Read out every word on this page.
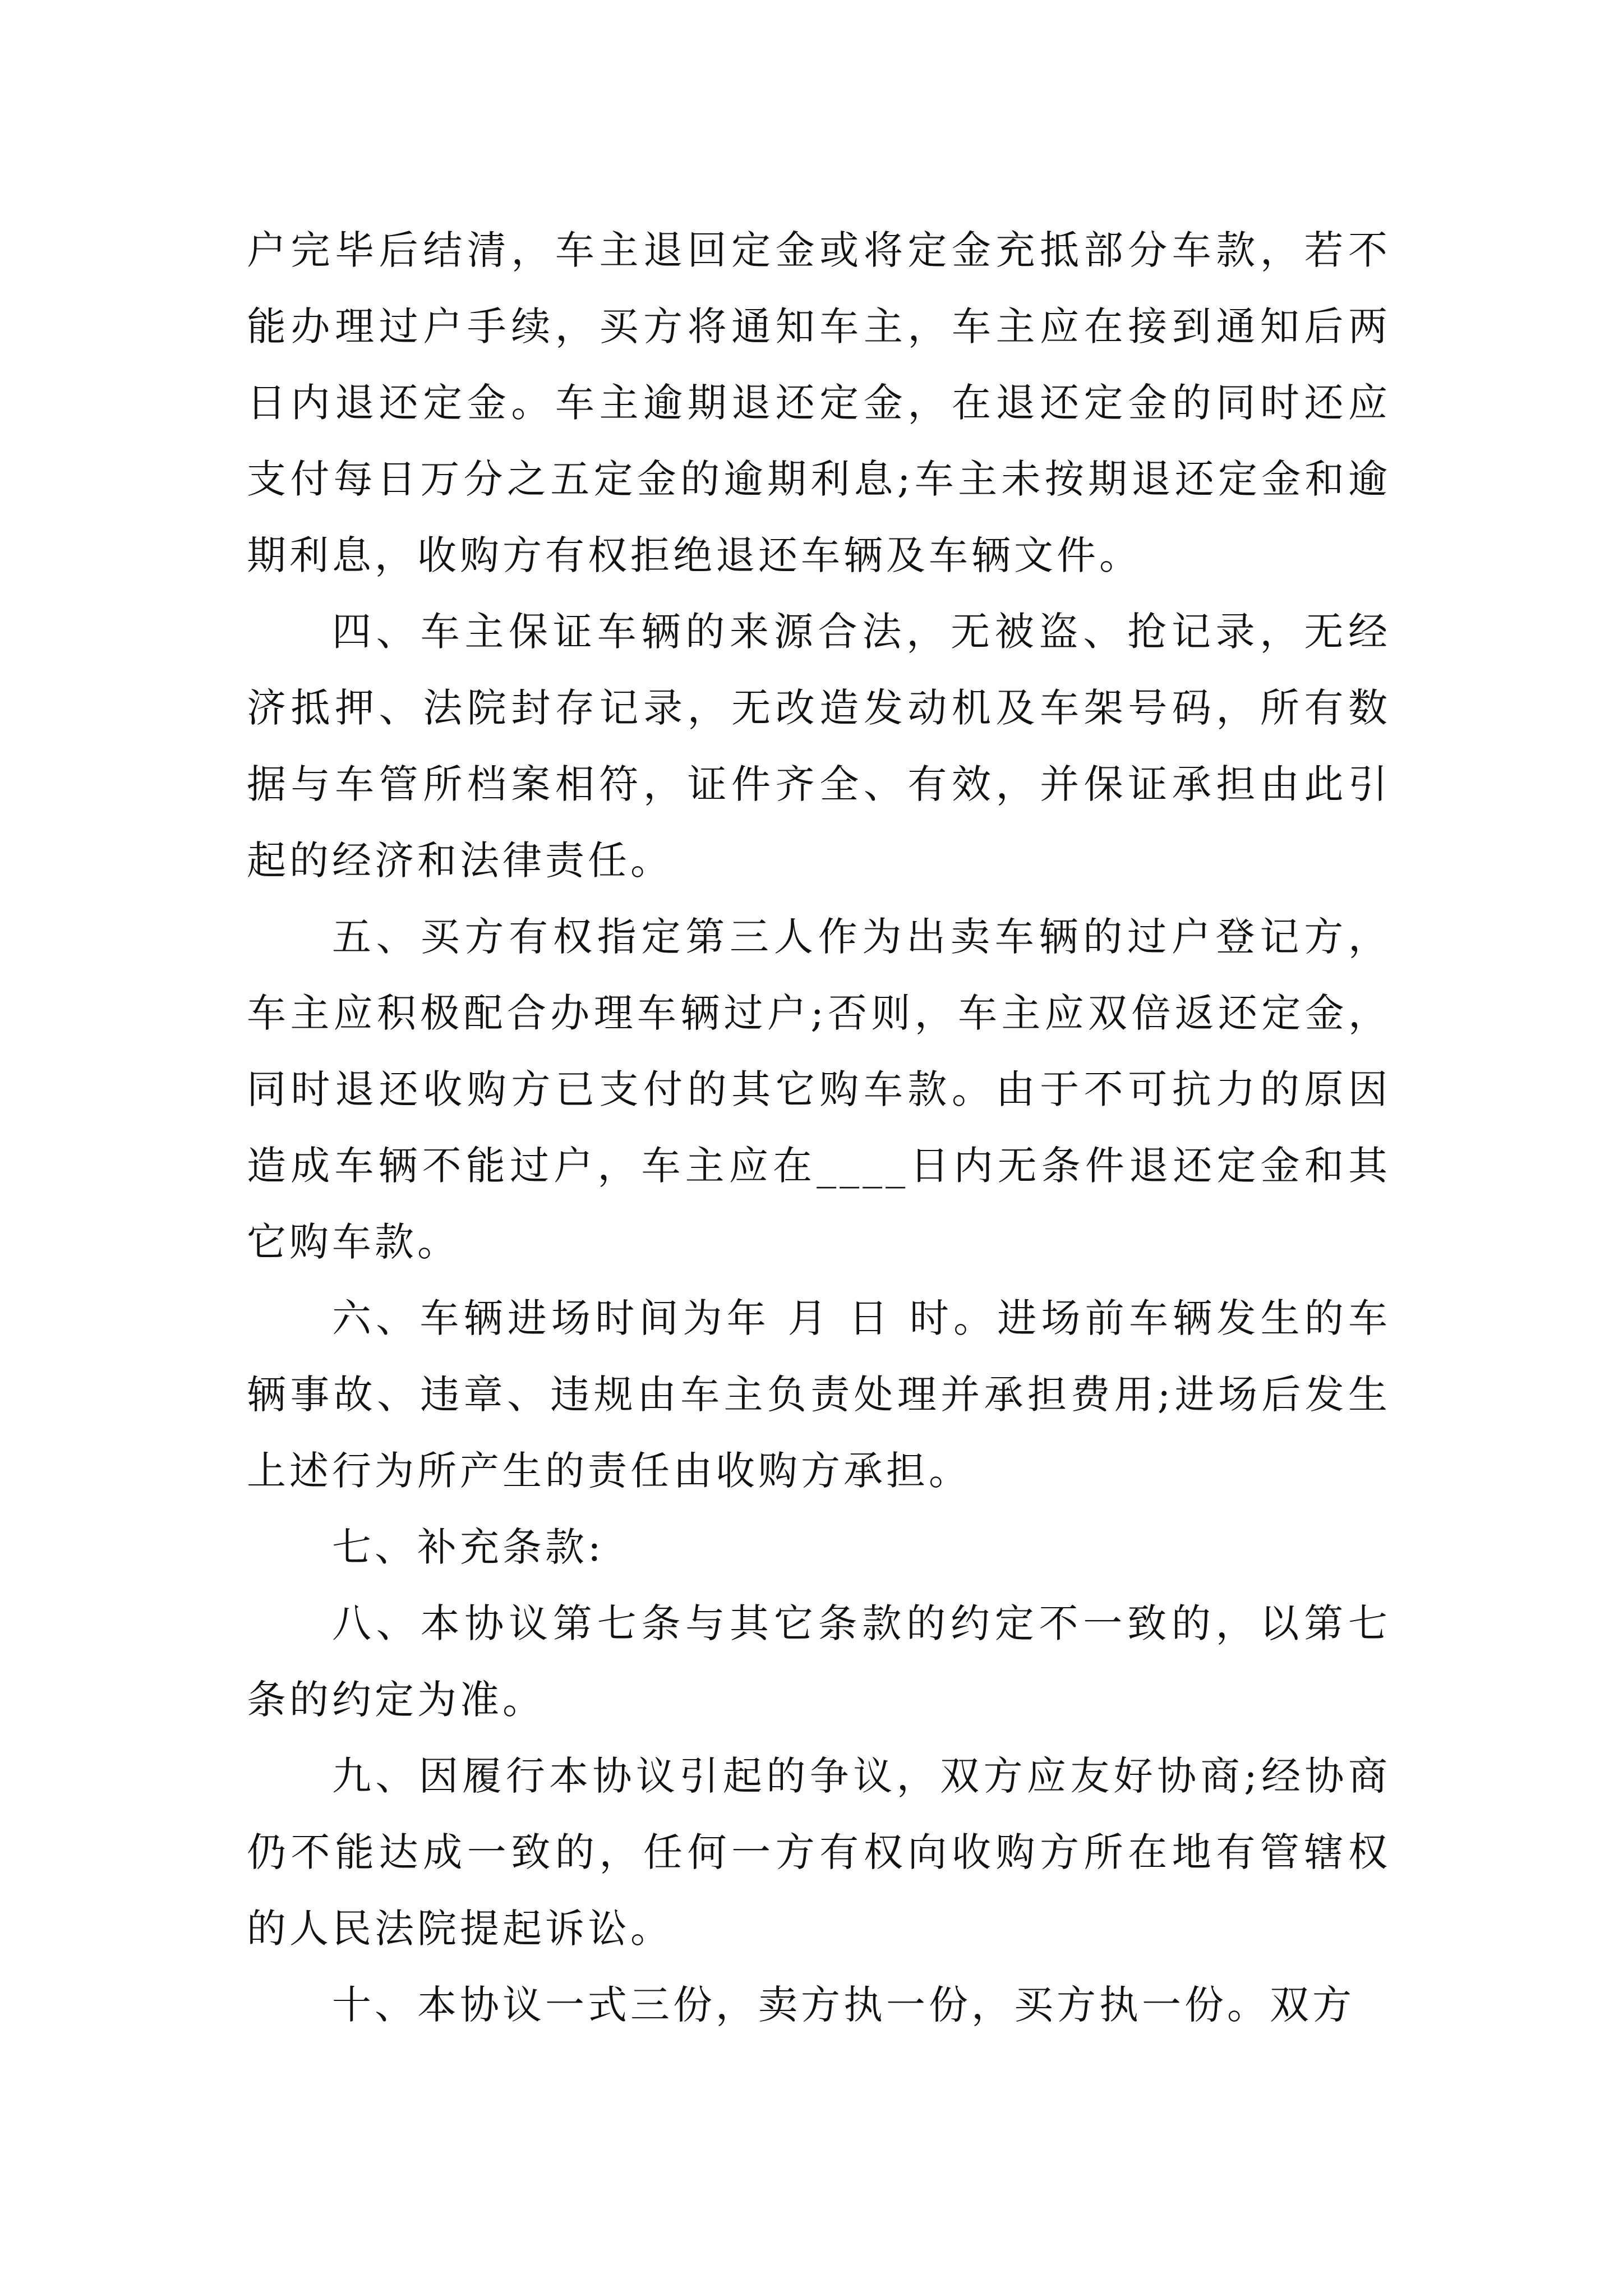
户完毕后结清，车主退回定金或将定金充抵部分车款，若不能办理过户手续，买方将通知车主，车主应在接到通知后两日内退还定金。车主逾期退还定金，在退还定金的同时还应支付每日万分之五定金的逾期利息;车主未按期退还定金和逾期利息，收购方有权拒绝退还车辆及车辆文件。

四、车主保证车辆的来源合法，无被盗、抢记录，无经济抵押、法院封存记录，无改造发动机及车架号码，所有数据与车管所档案相符，证件齐全、有效，并保证承担由此引起的经济和法律责任。

五、买方有权指定第三人作为出卖车辆的过户登记方，车主应积极配合办理车辆过户;否则，车主应双倍返还定金，同时退还收购方已支付的其它购车款。由于不可抗力的原因造成车辆不能过户，车主应在____日内无条件退还定金和其它购车款。

六、车辆进场时间为年 月 日 时。进场前车辆发生的车辆事故、违章、违规由车主负责处理并承担费用;进场后发生上述行为所产生的责任由收购方承担。

七、补充条款:

八、本协议第七条与其它条款的约定不一致的，以第七条的约定为准。

九、因履行本协议引起的争议，双方应友好协商;经协商仍不能达成一致的，任何一方有权向收购方所在地有管辖权的人民法院提起诉讼。

十、本协议一式三份，卖方执一份，买方执一份。双方
